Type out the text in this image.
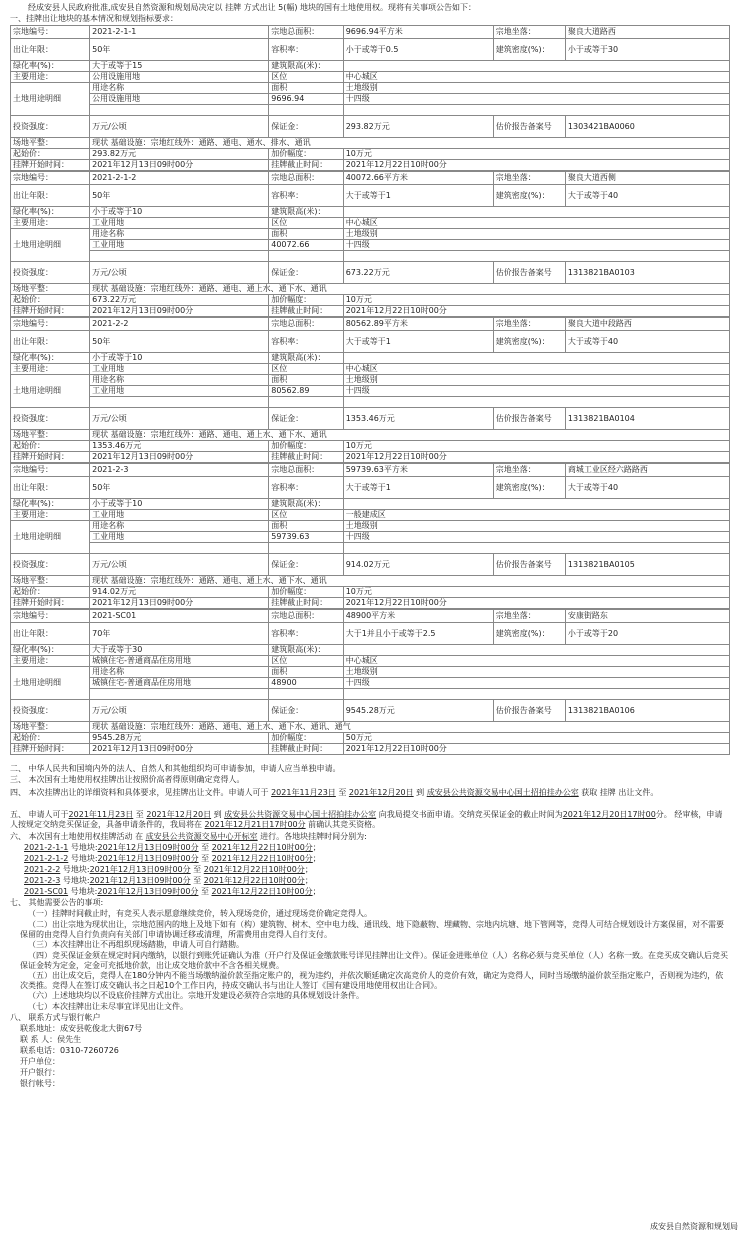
经成安县人民政府批准,成安县自然资源和规划局决定以 挂牌 方式出让 5(幅) 地块的国有土地使用权。现将有关事项公告如下：

一、挂牌出让地块的基本情况和规划指标要求：

宗地编号：	2021-2-1-1	宗地总面积：	9696.94平方米	宗地坐落：	聚良大道路西
出让年限：	50年	容积率：	小于或等于0.5	建筑密度(%)：	小于或等于30
绿化率(%)：	大于或等于15	建筑限高(米)：			
主要用途：	公用设施用地	区位	中心城区		
土地用途明细	用途名称	面积	土地级别		
	公用设施用地	9696.94	十四级		

投资强度：	万元/公顷	保证金：	293.82万元	估价报告备案号	1303421BA0060
场地平整：	现状 基础设施：宗地红线外：通路、通电、通水、排水、通讯				
起始价：	293.82万元	加价幅度：	10万元		
挂牌开始时间：	2021年12月13日09时00分	挂牌截止时间：	2021年12月22日10时00分		
宗地编号：	2021-2-1-2	宗地总面积：	40072.66平方米	宗地坐落：	聚良大道西侧
出让年限：	50年	容积率：	大于或等于1	建筑密度(%)：	大于或等于40
绿化率(%)：	小于或等于10	建筑限高(米)：			
主要用途：	工业用地	区位	中心城区		
土地用途明细	用途名称	面积	土地级别		
	工业用地	40072.66	十四级		

投资强度：	万元/公顷	保证金：	673.22万元	估价报告备案号	1313821BA0103
场地平整：	现状 基础设施：宗地红线外：通路、通电、通上水、通下水、通讯				
起始价：	673.22万元	加价幅度：	10万元		
挂牌开始时间：	2021年12月13日09时00分	挂牌截止时间：	2021年12月22日10时00分		
宗地编号：	2021-2-2	宗地总面积：	80562.89平方米	宗地坐落：	聚良大道中段路西
出让年限：	50年	容积率：	大于或等于1	建筑密度(%)：	大于或等于40
绿化率(%)：	小于或等于10	建筑限高(米)：			
主要用途：	工业用地	区位	中心城区		
土地用途明细	用途名称	面积	土地级别		
	工业用地	80562.89	十四级		

投资强度：	万元/公顷	保证金：	1353.46万元	估价报告备案号	1313821BA0104
场地平整：	现状 基础设施：宗地红线外：通路、通电、通上水、通下水、通讯				
起始价：	1353.46万元	加价幅度：	10万元		
挂牌开始时间：	2021年12月13日09时00分	挂牌截止时间：	2021年12月22日10时00分		
宗地编号：	2021-2-3	宗地总面积：	59739.63平方米	宗地坐落：	商城工业区经六路路西
出让年限：	50年	容积率：	大于或等于1	建筑密度(%)：	大于或等于40
绿化率(%)：	小于或等于10	建筑限高(米)：			
主要用途：	工业用地	区位	一般建成区		
土地用途明细	用途名称	面积	土地级别		
	工业用地	59739.63	十四级		

投资强度：	万元/公顷	保证金：	914.02万元	估价报告备案号	1313821BA0105
场地平整：	现状 基础设施：宗地红线外：通路、通电、通上水、通下水、通讯				
起始价：	914.02万元	加价幅度：	10万元		
挂牌开始时间：	2021年12月13日09时00分	挂牌截止时间：	2021年12月22日10时00分		
宗地编号：	2021-SC01	宗地总面积：	48900平方米	宗地坐落：	安康街路东
出让年限：	70年	容积率：	大于1并且小于或等于2.5	建筑密度(%)：	小于或等于20
绿化率(%)：	大于或等于30	建筑限高(米)：			
主要用途：	城镇住宅-普通商品住房用地	区位	中心城区		
土地用途明细	用途名称	面积	土地级别		
	城镇住宅-普通商品住房用地	48900	十四级		

投资强度：	万元/公顷	保证金：	9545.28万元	估价报告备案号	1313821BA0106
场地平整：	现状 基础设施：宗地红线外：通路、通电、通上水、通下水、通讯、通气				
起始价：	9545.28万元	加价幅度：	50万元		
挂牌开始时间：	2021年12月13日09时00分	挂牌截止时间：	2021年12月22日10时00分		
二、 中华人民共和国境内外的法人、自然人和其他组织均可申请参加，申请人应当单独申请。
三、 本次国有土地使用权挂牌出让按照价高者得原则确定竞得人。
四、 本次挂牌出让的详细资料和具体要求，见挂牌出让文件。申请人可于 2021年11月23日 至 2021年12月20日 到 成安县公共资源交易中心国土招拍挂办公室 获取 挂牌 出让文件。
五、 申请人可于2021年11月23日 至 2021年12月20日 到 成安县公共资源交易中心国土招拍挂办公室 向我局提交书面申请。交纳竞买保证金的截止时间为2021年12月20日17时00分。 经审核，申请人按规定交纳竞买保证金，具备申请条件的，我局将在 2021年12月21日17时00分 前确认其竞买资格。
六、 本次国有土地使用权挂牌活动 在 成安县公共资源交易中心开标室 进行。各地块挂牌时间分别为:
2021-2-1-1 号地块:2021年12月13日09时00分 至 2021年12月22日10时00分；
2021-2-1-2 号地块:2021年12月13日09时00分 至 2021年12月22日10时00分；
2021-2-2 号地块:2021年12月13日09时00分 至 2021年12月22日10时00分；
2021-2-3 号地块:2021年12月13日09时00分 至 2021年12月22日10时00分；
2021-SC01 号地块:2021年12月13日09时00分 至 2021年12月22日10时00分；
七、 其他需要公告的事项:
（一）挂牌时间截止时，有竞买人表示愿意继续竞价，转入现场竞价，通过现场竞价确定竞得人。
（二）出让宗地为现状出让，宗地范围内的地上及地下如有（构）建筑物、树木、空中电力线、通讯线、地下隐蔽物、埋藏物、宗地内坑塘、地下管网等，竞得人可结合规划设计方案保留，对不需要保留的由竞得人自行负责向有关部门申请协调迁移或清理，所需费用由竞得人自行支付。
（三）本次挂牌出让不再组织现场踏勘，申请人可自行踏勘。
（四）竞买保证金须在规定时间内缴纳，以银行到账凭证确认为准（开户行及保证金缴款账号详见挂牌出让文件）。保证金进账单位（人）名称必须与竞买单位（人）名称一致。在竞买成交确认后竞买保证金转为定金，定金可充抵地价款，出让成交地价款中不含各相关规费。
（五）出让成交后，竞得人在180分钟内不能当场缴纳溢价款至指定账户的，视为违约，并依次顺延确定次高竞价人的竞价有效，确定为竞得人，同时当场缴纳溢价款至指定账户，否则视为违约，依次类推。竞得人在签订成交确认书之日起10个工作日内，持成交确认书与出让人签订《国有建设用地使用权出让合同》。
（六）上述地块均以不设底价挂牌方式出让。宗地开发建设必须符合宗地的具体规划设计条件。
（七）本次挂牌出让未尽事宜详见出让文件。
八、 联系方式与银行帐户
联系地址：成安县乾俊北大街67号
联 系 人：侯先生
联系电话：0310-7260726
开户单位：
开户银行：
银行帐号：
成安县自然资源和规划局
